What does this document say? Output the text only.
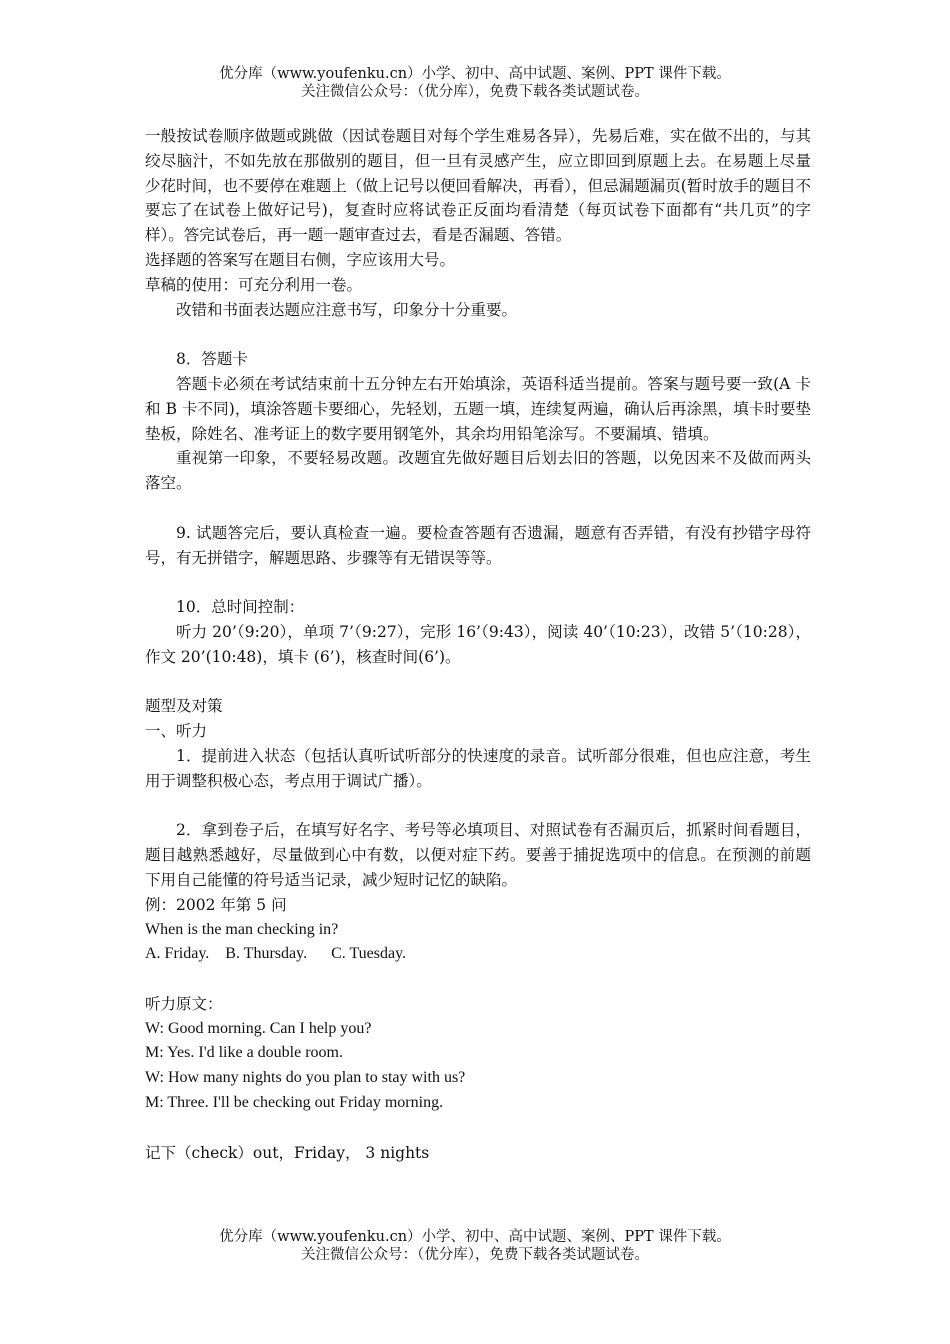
优分库（www.youfenku.cn）小学、初中、高中试题、案例、PPT 课件下载。
关注微信公众号：（优分库），免费下载各类试题试卷。

一般按试卷顺序做题或跳做（因试卷题目对每个学生难易各异），先易后难，实在做不出的，与其绞尽脑汁，不如先放在那做别的题目，但一旦有灵感产生，应立即回到原题上去。在易题上尽量少花时间，也不要停在难题上（做上记号以便回看解决，再看），但忌漏题漏页(暂时放手的题目不要忘了在试卷上做好记号)，复查时应将试卷正反面均看清楚（每页试卷下面都有“共几页”的字样）。答完试卷后，再一题一题审查过去，看是否漏题、答错。

选择题的答案写在题目右侧，字应该用大号。

草稿的使用：可充分利用一卷。

改错和书面表达题应注意书写，印象分十分重要。

8．答题卡

答题卡必须在考试结束前十五分钟左右开始填涂，英语科适当提前。答案与题号要一致(A 卡和 B 卡不同)，填涂答题卡要细心，先轻划，五题一填，连续复两遍，确认后再涂黑，填卡时要垫垫板，除姓名、准考证上的数字要用钢笔外，其余均用铅笔涂写。不要漏填、错填。

重视第一印象，不要轻易改题。改题宜先做好题目后划去旧的答题，以免因来不及做而两头落空。

9. 试题答完后，要认真检查一遍。要检查答题有否遗漏，题意有否弄错，有没有抄错字母符号，有无拼错字，解题思路、步骤等有无错误等等。

10．总时间控制：

听力 20’（9:20），单项 7’（9:27），完形 16’（9:43），阅读 40’（10:23），改错 5’（10:28），作文 20’(10:48)，填卡 (6’)，核查时间(6’)。

题型及对策

一、听力

1．提前进入状态（包括认真听试听部分的快速度的录音。试听部分很难，但也应注意，考生用于调整积极心态，考点用于调试广播）。

2．拿到卷子后，在填写好名字、考号等必填项目、对照试卷有否漏页后，抓紧时间看题目，题目越熟悉越好，尽量做到心中有数，以便对症下药。要善于捕捉选项中的信息。在预测的前题下用自己能懂的符号适当记录，减少短时记忆的缺陷。

例：2002 年第 5 问

When is the man checking in?

A. Friday.    B. Thursday.      C. Tuesday.

听力原文：

W: Good morning. Can I help you?

M: Yes. I'd like a double room.

W: How many nights do you plan to stay with us?

M: Three. I'll be checking out Friday morning.

记下（check）out，Friday， 3 nights

优分库（www.youfenku.cn）小学、初中、高中试题、案例、PPT 课件下载。
关注微信公众号：（优分库），免费下载各类试题试卷。
